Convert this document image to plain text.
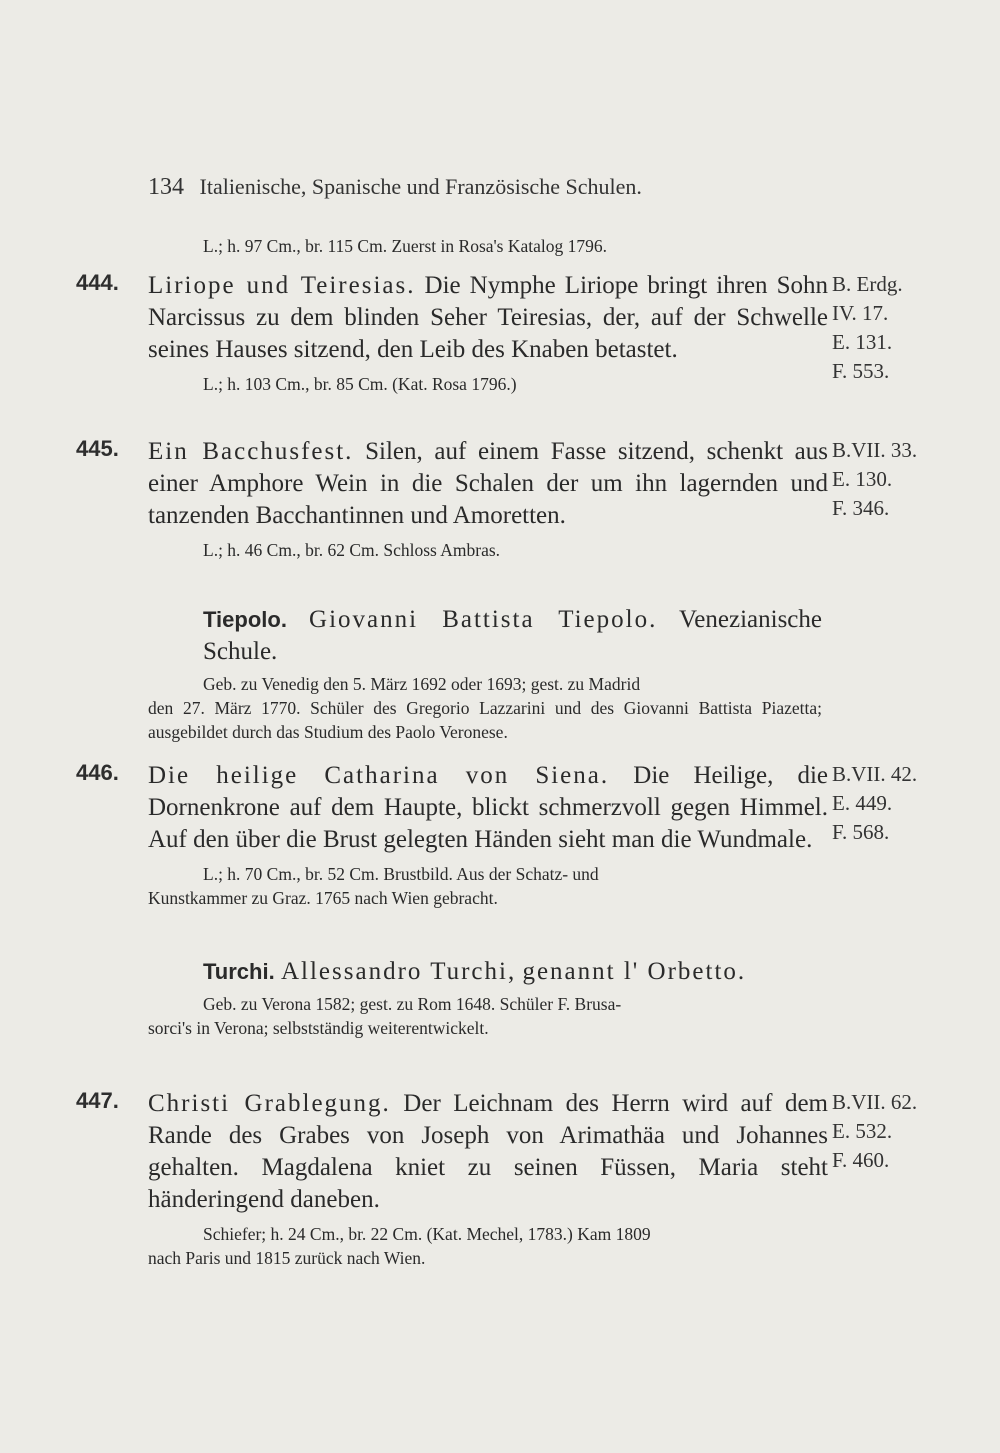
134 Italienische, Spanische und Französische Schulen.
L.; h. 97 Cm., br. 115 Cm. Zuerst in Rosa's Katalog 1796.
444. Liriope und Teiresias. Die Nymphe Liriope bringt ihren Sohn Narcissus zu dem blinden Seher Teiresias, der, auf der Schwelle seines Hauses sitzend, den Leib des Knaben betastet.
L.; h. 103 Cm., br. 85 Cm. (Kat. Rosa 1796.)
B. Erdg.
IV. 17.
E. 131.
F. 553.
445. Ein Bacchusfest. Silen, auf einem Fasse sitzend, schenkt aus einer Amphore Wein in die Schalen der um ihn lagernden und tanzenden Bacchantinnen und Amoretten.
L.; h. 46 Cm., br. 62 Cm. Schloss Ambras.
B.VII. 33.
E. 130.
F. 346.
Tiepolo. Giovanni Battista Tiepolo. Venezianische Schule.
Geb. zu Venedig den 5. März 1692 oder 1693; gest. zu Madrid
den 27. März 1770. Schüler des Gregorio Lazzarini und des Giovanni Battista Piazetta; ausgebildet durch das Studium des Paolo Veronese.
446. Die heilige Catharina von Siena. Die Heilige, die Dornenkrone auf dem Haupte, blickt schmerzvoll gegen Himmel. Auf den über die Brust gelegten Händen sieht man die Wundmale.
L.; h. 70 Cm., br. 52 Cm. Brustbild. Aus der Schatz- und
Kunstkammer zu Graz. 1765 nach Wien gebracht.
B.VII. 42.
E. 449.
F. 568.
Turchi. Allessandro Turchi, genannt l' Orbetto.
Geb. zu Verona 1582; gest. zu Rom 1648. Schüler F. Brusa-
sorci's in Verona; selbstständig weiterentwickelt.
447. Christi Grablegung. Der Leichnam des Herrn wird auf dem Rande des Grabes von Joseph von Arimathäa und Johannes gehalten. Magdalena kniet zu seinen Füssen, Maria steht händeringend daneben.
Schiefer; h. 24 Cm., br. 22 Cm. (Kat. Mechel, 1783.) Kam 1809
nach Paris und 1815 zurück nach Wien.
B.VII. 62.
E. 532.
F. 460.
